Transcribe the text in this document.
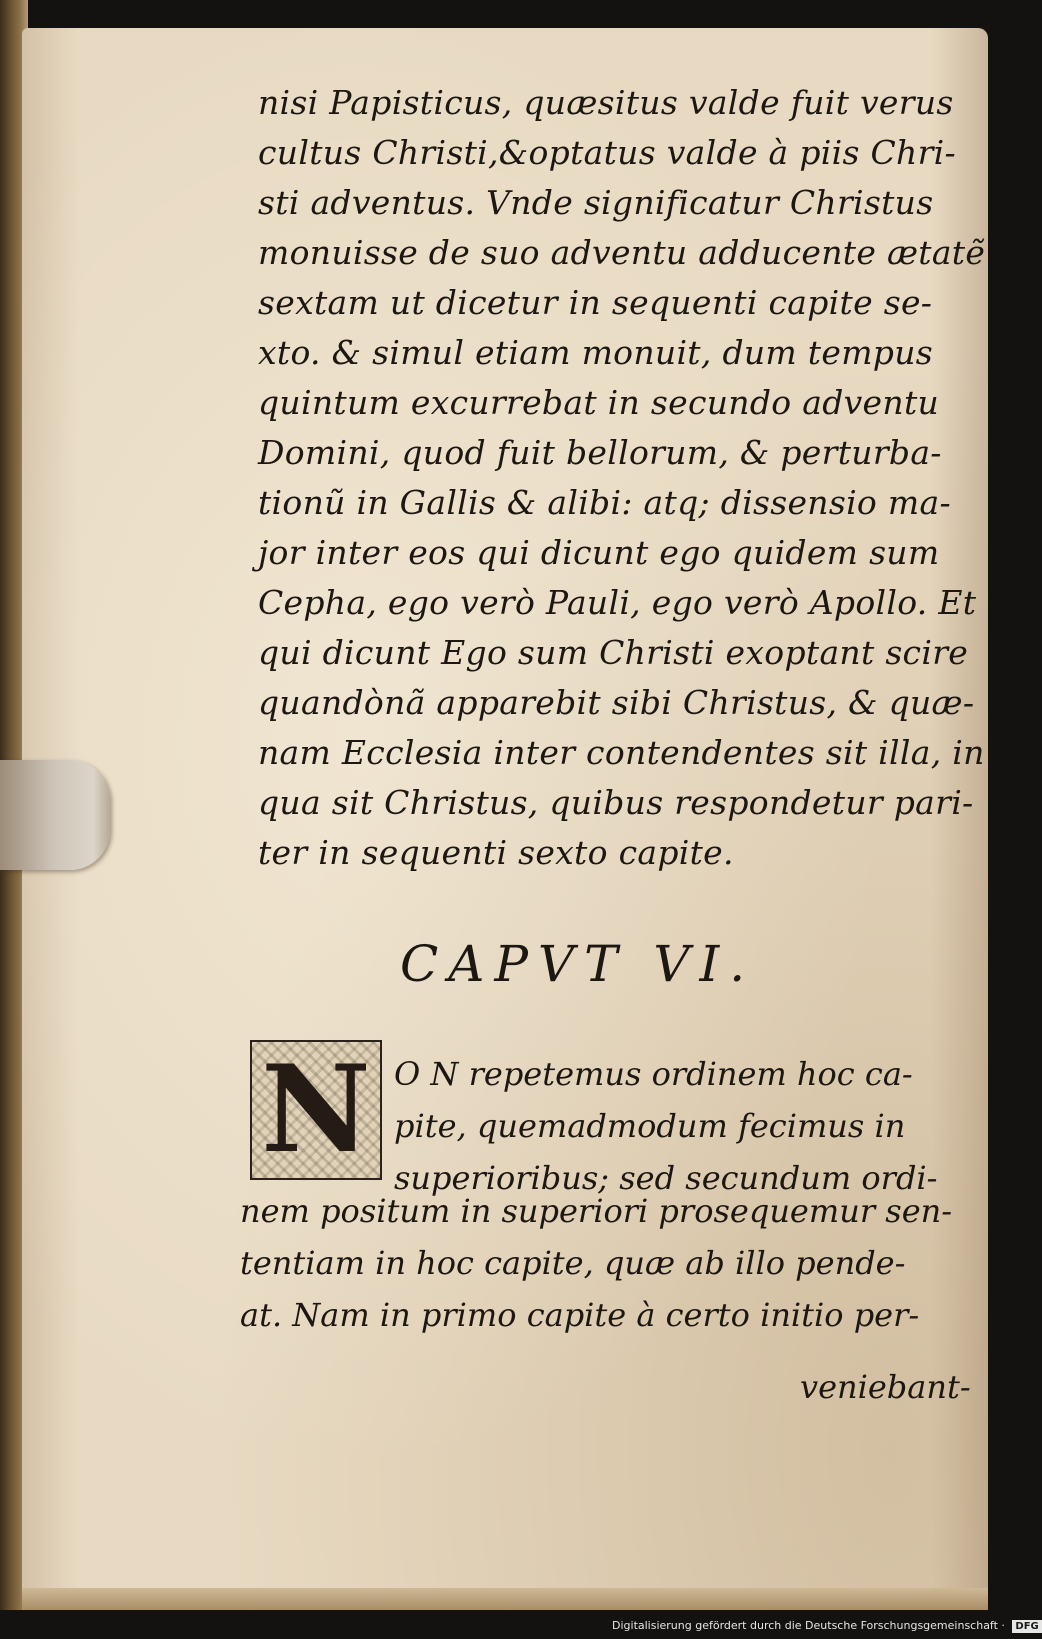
nisi Papisticus, quæsitus valde fuit verus
cultus Christi,&optatus valde à piis Chri-
sti adventus. Vnde significatur Christus
monuisse de suo adventu adducente ætatẽ
sextam ut dicetur in sequenti capite se-
xto. & simul etiam monuit, dum tempus
quintum excurrebat in secundo adventu
Domini, quod fuit bellorum, & perturba-
tionũ in Gallis & alibi: atq; dissensio ma-
jor inter eos qui dicunt ego quidem sum
Cepha, ego verò Pauli, ego verò Apollo. Et
qui dicunt Ego sum Christi exoptant scire
quandònã apparebit sibi Christus, & quæ-
nam Ecclesia inter contendentes sit illa, in
qua sit Christus, quibus respondetur pari-
ter in sequenti sexto capite.
CAPVT VI.
N O N repetemus ordinem hoc ca-
pite, quemadmodum fecimus in
superioribus; sed secundum ordi-
nem positum in superiori prosequemur sen-
tentiam in hoc capite, quæ ab illo pende-
at. Nam in primo capite à certo initio per-
veniebant-
Digitalisierung gefördert durch die Deutsche Forschungsgemeinschaft · DFG
